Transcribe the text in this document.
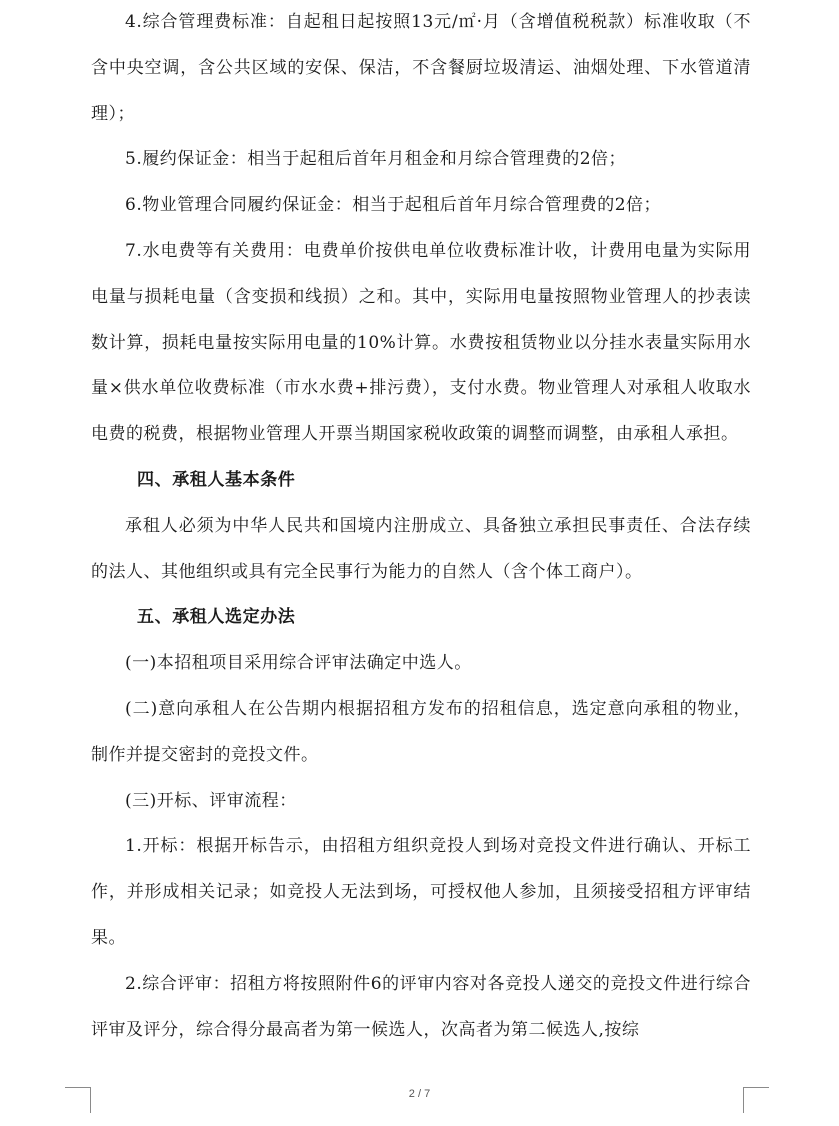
4.综合管理费标准：自起租日起按照13元/㎡·月（含增值税税款）标准收取（不含中央空调，含公共区域的安保、保洁，不含餐厨垃圾清运、油烟处理、下水管道清理）；

5.履约保证金：相当于起租后首年月租金和月综合管理费的2倍；

6.物业管理合同履约保证金：相当于起租后首年月综合管理费的2倍；

7.水电费等有关费用：电费单价按供电单位收费标准计收，计费用电量为实际用电量与损耗电量（含变损和线损）之和。其中，实际用电量按照物业管理人的抄表读数计算，损耗电量按实际用电量的10%计算。水费按租赁物业以分挂水表量实际用水量×供水单位收费标准（市水水费+排污费），支付水费。物业管理人对承租人收取水电费的税费，根据物业管理人开票当期国家税收政策的调整而调整，由承租人承担。

四、承租人基本条件

承租人必须为中华人民共和国境内注册成立、具备独立承担民事责任、合法存续的法人、其他组织或具有完全民事行为能力的自然人（含个体工商户）。

五、承租人选定办法

(一)本招租项目采用综合评审法确定中选人。

(二)意向承租人在公告期内根据招租方发布的招租信息，选定意向承租的物业，制作并提交密封的竞投文件。

(三)开标、评审流程：

1.开标：根据开标告示，由招租方组织竞投人到场对竞投文件进行确认、开标工作，并形成相关记录；如竞投人无法到场，可授权他人参加，且须接受招租方评审结果。

2.综合评审：招租方将按照附件6的评审内容对各竞投人递交的竞投文件进行综合评审及评分，综合得分最高者为第一候选人，次高者为第二候选人,按综

2 / 7
